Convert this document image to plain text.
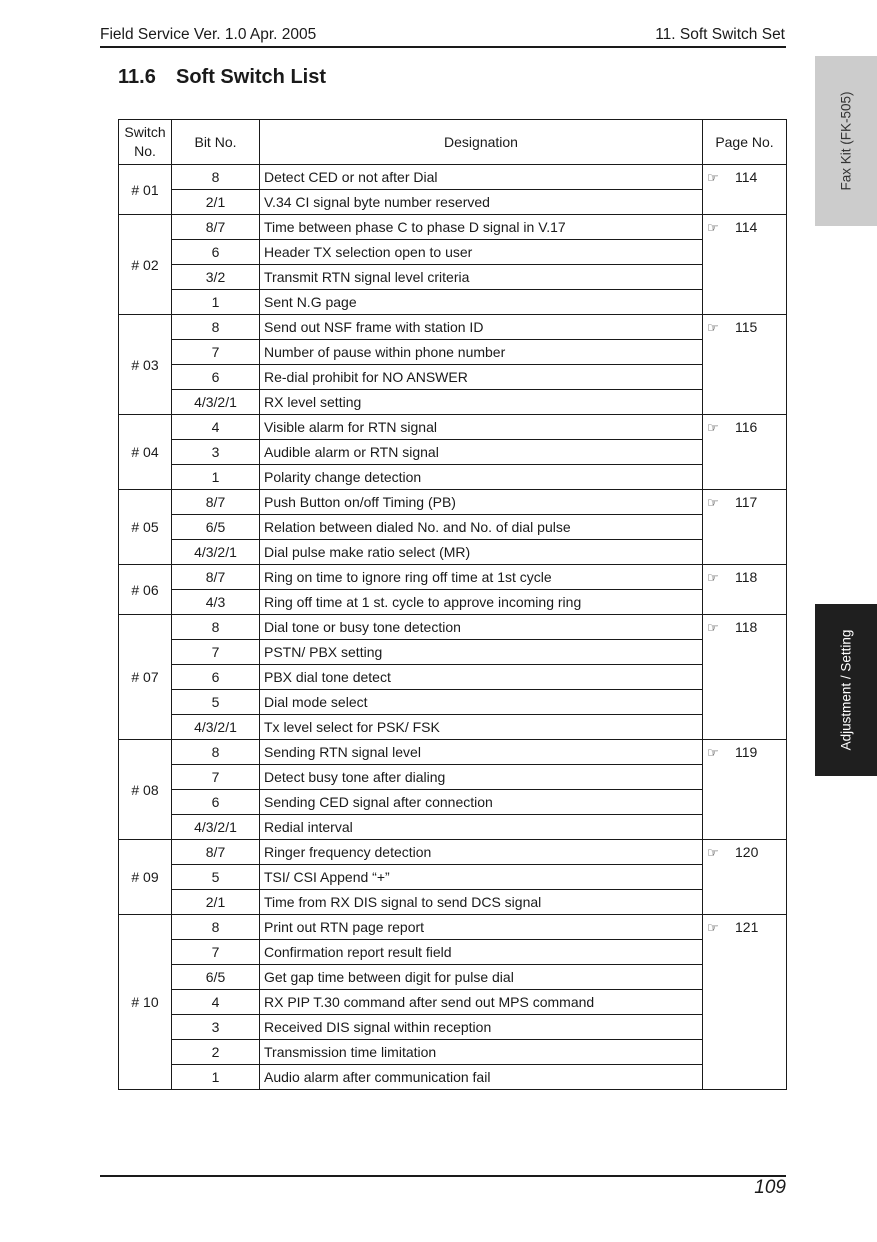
Field Service Ver. 1.0 Apr. 2005	11. Soft Switch Set
11.6 Soft Switch List
Fax Kit (FK-505)
Adjustment / Setting
Switch
No.	Bit No.	Designation	Page No.
# 01	8	Detect CED or not after Dial	☞ 114
	2/1	V.34 CI signal byte number reserved	
# 02	8/7	Time between phase C to phase D signal in V.17	☞ 114
	6	Header TX selection open to user	
	3/2	Transmit RTN signal level criteria	
	1	Sent N.G page	
# 03	8	Send out NSF frame with station ID	☞ 115
	7	Number of pause within phone number	
	6	Re-dial prohibit for NO ANSWER	
	4/3/2/1	RX level setting	
# 04	4	Visible alarm for RTN signal	☞ 116
	3	Audible alarm or RTN signal	
	1	Polarity change detection	
# 05	8/7	Push Button on/off Timing (PB)	☞ 117
	6/5	Relation between dialed No. and No. of dial pulse	
	4/3/2/1	Dial pulse make ratio select (MR)	
# 06	8/7	Ring on time to ignore ring off time at 1st cycle	☞ 118
	4/3	Ring off time at 1 st. cycle to approve incoming ring	
# 07	8	Dial tone or busy tone detection	☞ 118
	7	PSTN/ PBX setting	
	6	PBX dial tone detect	
	5	Dial mode select	
	4/3/2/1	Tx level select for PSK/ FSK	
# 08	8	Sending RTN signal level	☞ 119
	7	Detect busy tone after dialing	
	6	Sending CED signal after connection	
	4/3/2/1	Redial interval	
# 09	8/7	Ringer frequency detection	☞ 120
	5	TSI/ CSI Append “+”	
	2/1	Time from RX DIS signal to send DCS signal	
# 10	8	Print out RTN page report	☞ 121
	7	Confirmation report result field	
	6/5	Get gap time between digit for pulse dial	
	4	RX PIP T.30 command after send out MPS command	
	3	Received DIS signal within reception	
	2	Transmission time limitation	
	1	Audio alarm after communication fail	
109
